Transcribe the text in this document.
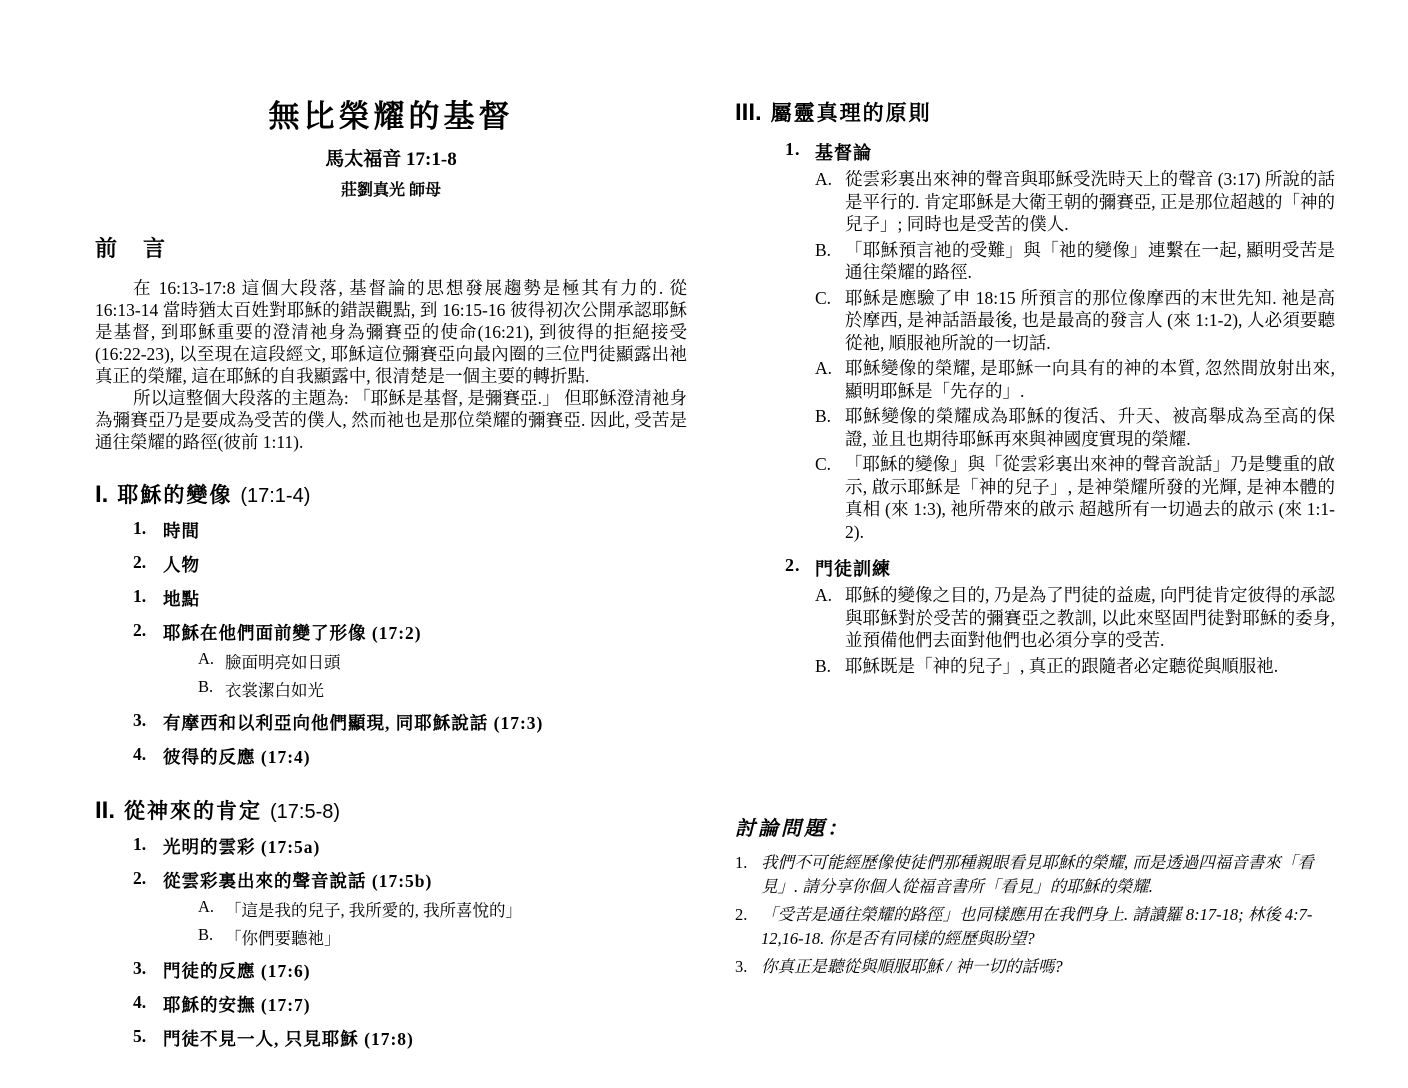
無比榮耀的基督
馬太福音 17:1-8
莊劉真光 師母
前　言
在 16:13-17:8 這個大段落, 基督論的思想發展趨勢是極其有力的. 從 16:13-14 當時猶太百姓對耶穌的錯誤觀點, 到 16:15-16 彼得初次公開承認耶穌是基督, 到耶穌重要的澄清祂身為彌賽亞的使命(16:21), 到彼得的拒絕接受(16:22-23), 以至現在這段經文, 耶穌這位彌賽亞向最內圈的三位門徒顯露出祂真正的榮耀, 這在耶穌的自我顯露中, 很清楚是一個主要的轉折點.
所以這整個大段落的主題為: 「耶穌是基督, 是彌賽亞.」 但耶穌澄清祂身為彌賽亞乃是要成為受苦的僕人, 然而祂也是那位榮耀的彌賽亞. 因此, 受苦是通往榮耀的路徑(彼前 1:11).
I. 耶穌的變像 (17:1-4)
1. 時間
2. 人物
1. 地點
2. 耶穌在他們面前變了形像 (17:2)
A. 臉面明亮如日頭
B. 衣裳潔白如光
3. 有摩西和以利亞向他們顯現, 同耶穌說話 (17:3)
4. 彼得的反應 (17:4)
II. 從神來的肯定 (17:5-8)
1. 光明的雲彩 (17:5a)
2. 從雲彩裏出來的聲音說話 (17:5b)
A. 「這是我的兒子, 我所愛的, 我所喜悅的」
B. 「你們要聽祂」
3. 門徒的反應 (17:6)
4. 耶穌的安撫 (17:7)
5. 門徒不見一人, 只見耶穌 (17:8)
III. 屬靈真理的原則
1. 基督論
A. 從雲彩裏出來神的聲音與耶穌受洗時天上的聲音 (3:17) 所說的話是平行的. 肯定耶穌是大衛王朝的彌賽亞, 正是那位超越的「神的兒子」; 同時也是受苦的僕人.
B. 「耶穌預言祂的受難」與「祂的變像」連繫在一起, 顯明受苦是通往榮耀的路徑.
C. 耶穌是應驗了申 18:15 所預言的那位像摩西的末世先知. 祂是高於摩西, 是神話語最後, 也是最高的發言人 (來 1:1-2), 人必須要聽從祂, 順服祂所說的一切話.
A. 耶穌變像的榮耀, 是耶穌一向具有的神的本質, 忽然間放射出來, 顯明耶穌是「先存的」.
B. 耶穌變像的榮耀成為耶穌的復活、升天、被高舉成為至高的保證, 並且也期待耶穌再來與神國度實現的榮耀.
C. 「耶穌的變像」與「從雲彩裏出來神的聲音說話」乃是雙重的啟示, 啟示耶穌是「神的兒子」, 是神榮耀所發的光輝, 是神本體的真相 (來 1:3), 祂所帶來的啟示 超越所有一切過去的啟示 (來 1:1-2).
2. 門徒訓練
A. 耶穌的變像之目的, 乃是為了門徒的益處, 向門徒肯定彼得的承認與耶穌對於受苦的彌賽亞之教訓, 以此來堅固門徒對耶穌的委身, 並預備他們去面對他們也必須分享的受苦.
B. 耶穌既是「神的兒子」, 真正的跟隨者必定聽從與順服祂.
討論問題：
1. 我們不可能經歷像使徒們那種親眼看見耶穌的榮耀, 而是透過四福音書來「看見」. 請分享你個人從福音書所「看見」的耶穌的榮耀.
2. 「受苦是通往榮耀的路徑」也同樣應用在我們身上. 請讀羅 8:17-18; 林後 4:7-12,16-18. 你是否有同樣的經歷與盼望?
3. 你真正是聽從與順服耶穌 / 神一切的話嗎?
